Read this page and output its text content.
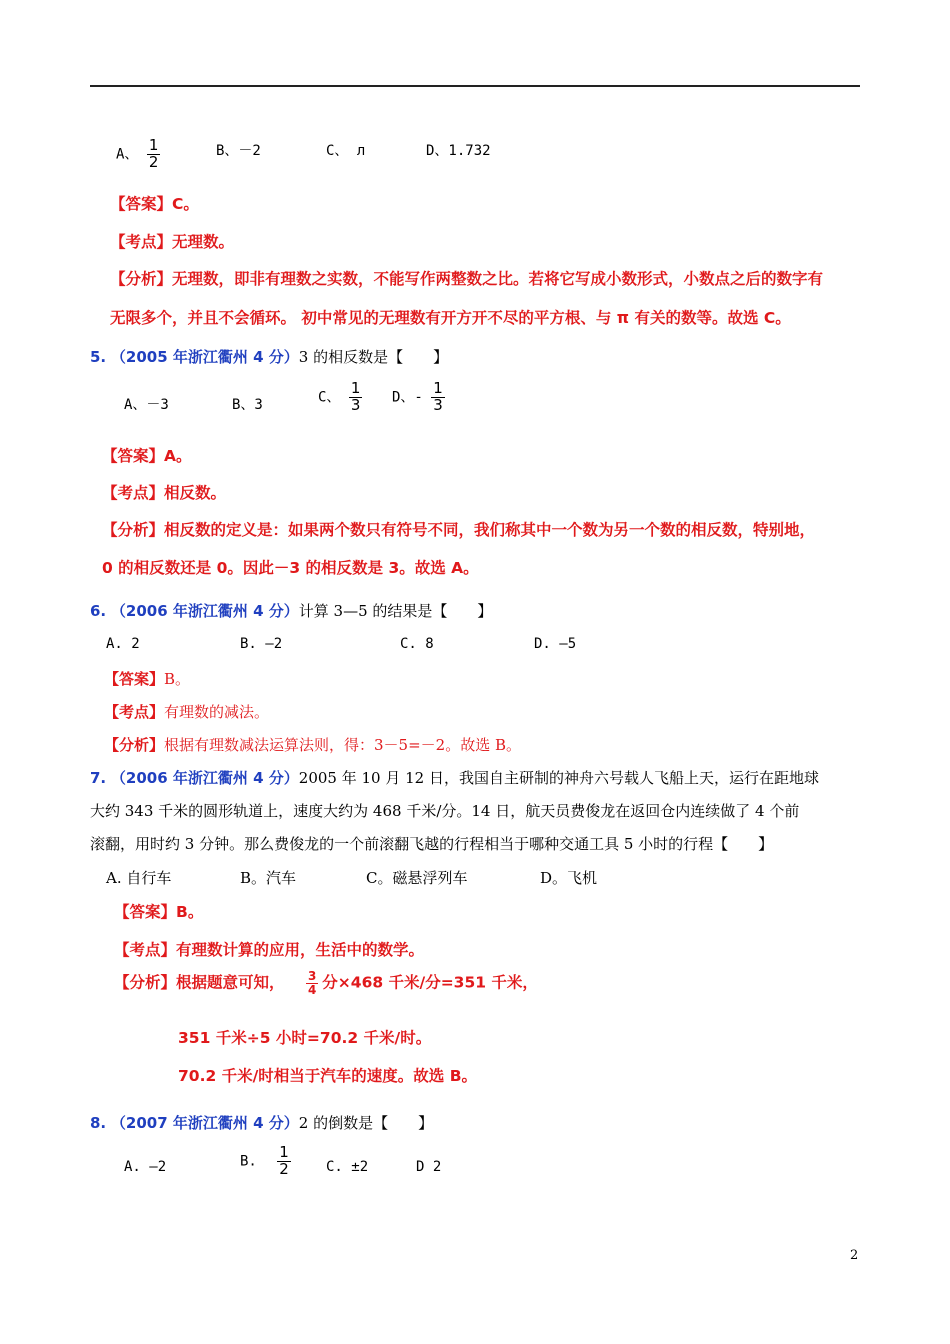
A、 $\frac{1}{2}$	B、－2	C、 л	D、1.732
【答案】C。
【考点】无理数。
【分析】无理数，即非有理数之实数，不能写作两整数之比。若将它写成小数形式，小数点之后的数字有
无限多个，并且不会循环。 初中常见的无理数有开方开不尽的平方根、与 π 有关的数等。故选 C。
5. （2005 年浙江衢州 4 分）3 的相反数是【　　】
A、－3	B、3	C、 $\frac{1}{3}$ D、- $\frac{1}{3}$
【答案】A。
【考点】相反数。
【分析】相反数的定义是：如果两个数只有符号不同，我们称其中一个数为另一个数的相反数，特别地，
0 的相反数还是 0。因此－3 的相反数是 3。故选 A。
6. （2006 年浙江衢州 4 分）计算 3—5 的结果是【　　】
A. 2	B. —2	C. 8	D. —5
【答案】B。
【考点】有理数的减法。
【分析】根据有理数减法运算法则，得：3－5=－2。故选 B。
7. （2006 年浙江衢州 4 分）2005 年 10 月 12 日，我国自主研制的神舟六号载人飞船上天，运行在距地球
大约 343 千米的圆形轨道上，速度大约为 468 千米/分。14 日，航天员费俊龙在返回仓内连续做了 4 个前
滚翻，用时约 3 分钟。那么费俊龙的一个前滚翻飞越的行程相当于哪种交通工具 5 小时的行程【　　】
A. 自行车	B。汽车	C。磁悬浮列车	D。飞机
【答案】B。
【考点】有理数计算的应用，生活中的数学。
【分析】根据题意可知， $\frac{3}{4}$ 分×468 千米/分=351 千米，
351 千米÷5 小时=70.2 千米/时。
70.2 千米/时相当于汽车的速度。故选 B。
8. （2007 年浙江衢州 4 分）2 的倒数是【　　】
A. —2	B. $\frac{1}{2}$	C. ±2	D 2
2
